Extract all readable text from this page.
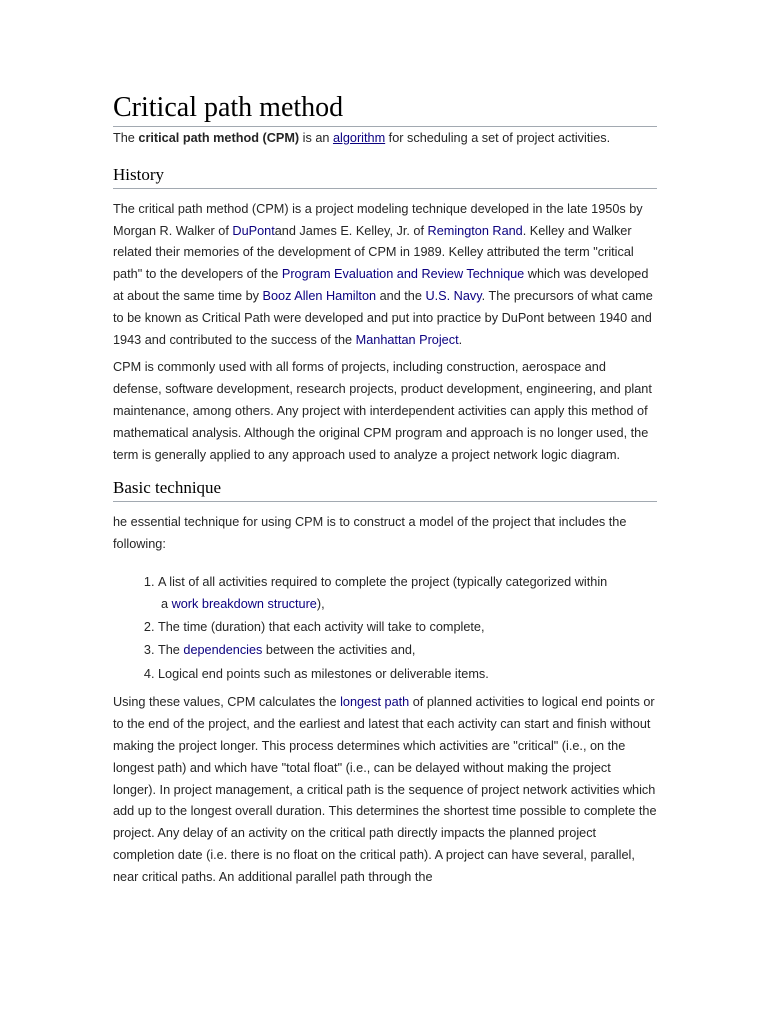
Critical path method

The critical path method (CPM) is an algorithm for scheduling a set of project activities.

History

The critical path method (CPM) is a project modeling technique developed in the late 1950s by Morgan R. Walker of DuPontand James E. Kelley, Jr. of Remington Rand. Kelley and Walker related their memories of the development of CPM in 1989. Kelley attributed the term "critical path" to the developers of the Program Evaluation and Review Technique which was developed at about the same time by Booz Allen Hamilton and the U.S. Navy. The precursors of what came to be known as Critical Path were developed and put into practice by DuPont between 1940 and 1943 and contributed to the success of the Manhattan Project.

CPM is commonly used with all forms of projects, including construction, aerospace and defense, software development, research projects, product development, engineering, and plant maintenance, among others. Any project with interdependent activities can apply this method of mathematical analysis. Although the original CPM program and approach is no longer used, the term is generally applied to any approach used to analyze a project network logic diagram.

Basic technique

he essential technique for using CPM is to construct a model of the project that includes the following:

1. A list of all activities required to complete the project (typically categorized within
a work breakdown structure),
2. The time (duration) that each activity will take to complete,
3. The dependencies between the activities and,
4. Logical end points such as milestones or deliverable items.

Using these values, CPM calculates the longest path of planned activities to logical end points or to the end of the project, and the earliest and latest that each activity can start and finish without making the project longer. This process determines which activities are "critical" (i.e., on the longest path) and which have "total float" (i.e., can be delayed without making the project longer). In project management, a critical path is the sequence of project network activities which add up to the longest overall duration. This determines the shortest time possible to complete the project. Any delay of an activity on the critical path directly impacts the planned project completion date (i.e. there is no float on the critical path). A project can have several, parallel, near critical paths. An additional parallel path through the
